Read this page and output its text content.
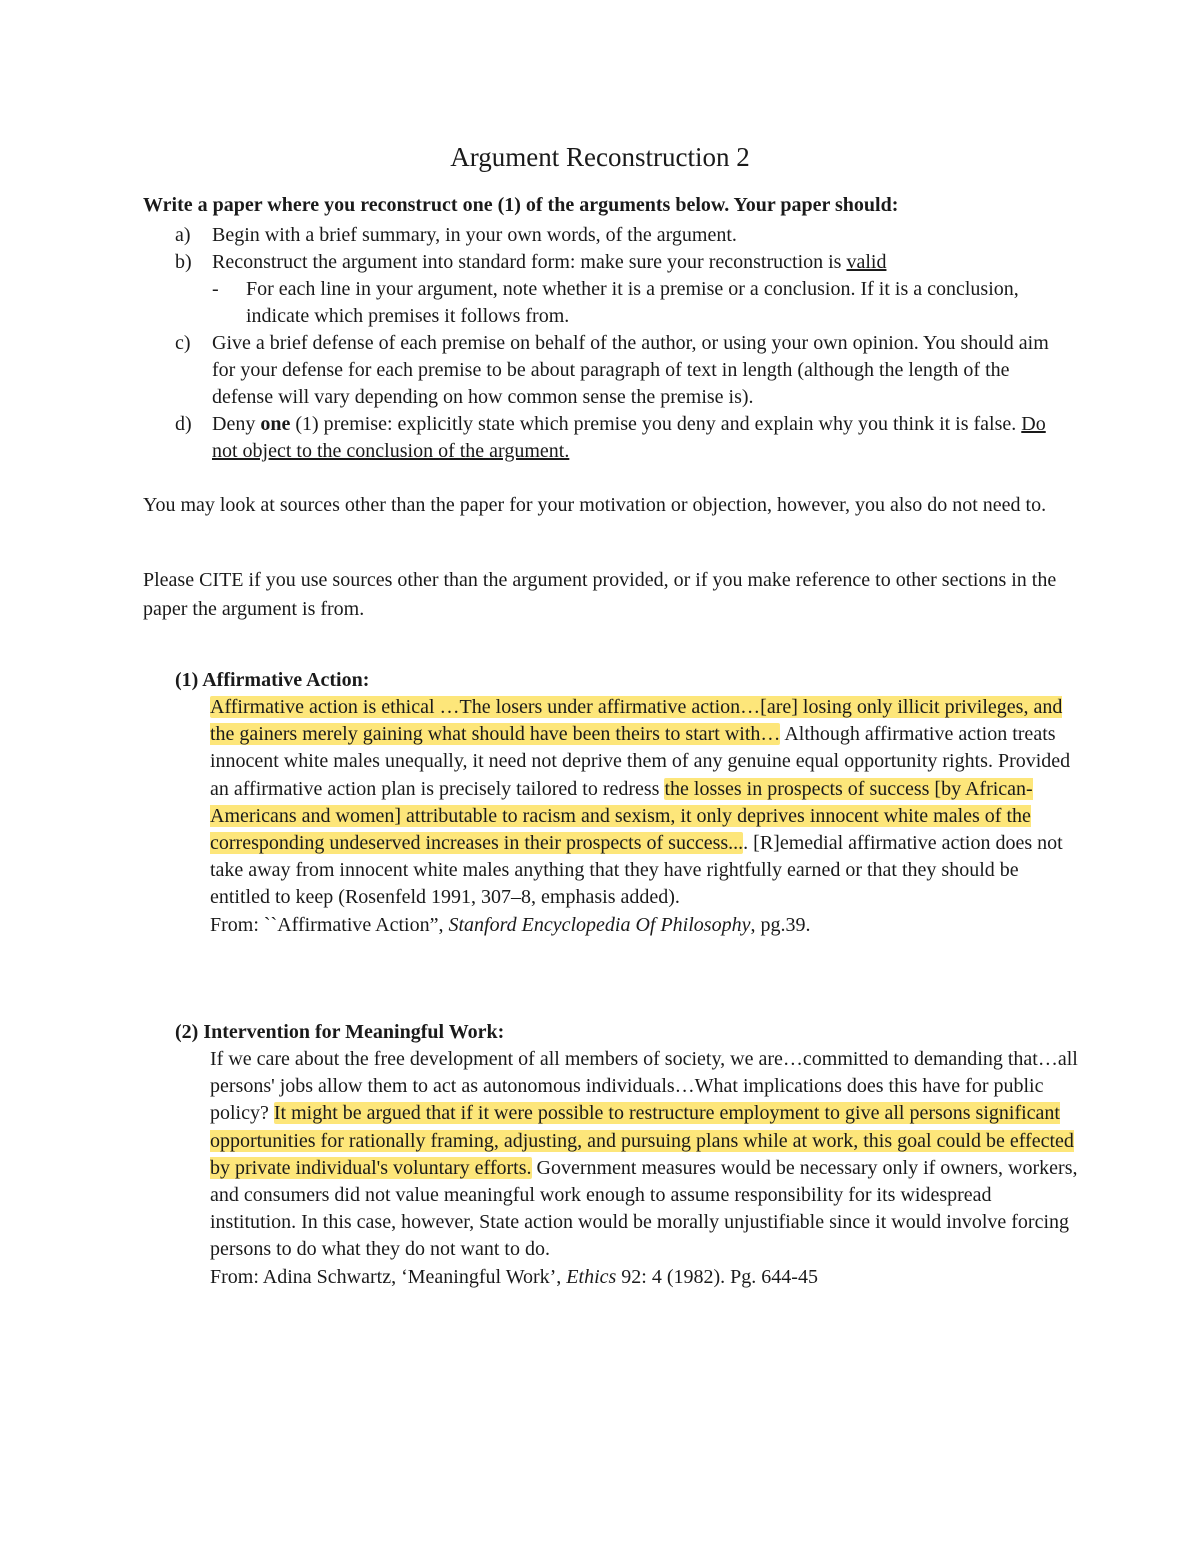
Argument Reconstruction 2
Write a paper where you reconstruct one (1) of the arguments below. Your paper should:
a) Begin with a brief summary, in your own words, of the argument.
b) Reconstruct the argument into standard form: make sure your reconstruction is valid
- For each line in your argument, note whether it is a premise or a conclusion. If it is a conclusion, indicate which premises it follows from.
c) Give a brief defense of each premise on behalf of the author, or using your own opinion. You should aim for your defense for each premise to be about paragraph of text in length (although the length of the defense will vary depending on how common sense the premise is).
d) Deny one (1) premise: explicitly state which premise you deny and explain why you think it is false. Do not object to the conclusion of the argument.
You may look at sources other than the paper for your motivation or objection, however, you also do not need to.
Please CITE if you use sources other than the argument provided, or if you make reference to other sections in the paper the argument is from.
(1) Affirmative Action:
Affirmative action is ethical …The losers under affirmative action…[are] losing only illicit privileges, and the gainers merely gaining what should have been theirs to start with… Although affirmative action treats innocent white males unequally, it need not deprive them of any genuine equal opportunity rights. Provided an affirmative action plan is precisely tailored to redress the losses in prospects of success [by African-Americans and women] attributable to racism and sexism, it only deprives innocent white males of the corresponding undeserved increases in their prospects of success.... [R]emedial affirmative action does not take away from innocent white males anything that they have rightfully earned or that they should be entitled to keep (Rosenfeld 1991, 307–8, emphasis added).
From: ``Affirmative Action”, Stanford Encyclopedia Of Philosophy, pg.39.
(2) Intervention for Meaningful Work:
If we care about the free development of all members of society, we are…committed to demanding that…all persons' jobs allow them to act as autonomous individuals…What implications does this have for public policy? It might be argued that if it were possible to restructure employment to give all persons significant opportunities for rationally framing, adjusting, and pursuing plans while at work, this goal could be effected by private individual's voluntary efforts. Government measures would be necessary only if owners, workers, and consumers did not value meaningful work enough to assume responsibility for its widespread institution. In this case, however, State action would be morally unjustifiable since it would involve forcing persons to do what they do not want to do.
From: Adina Schwartz, ‘Meaningful Work’, Ethics 92: 4 (1982). Pg. 644-45
